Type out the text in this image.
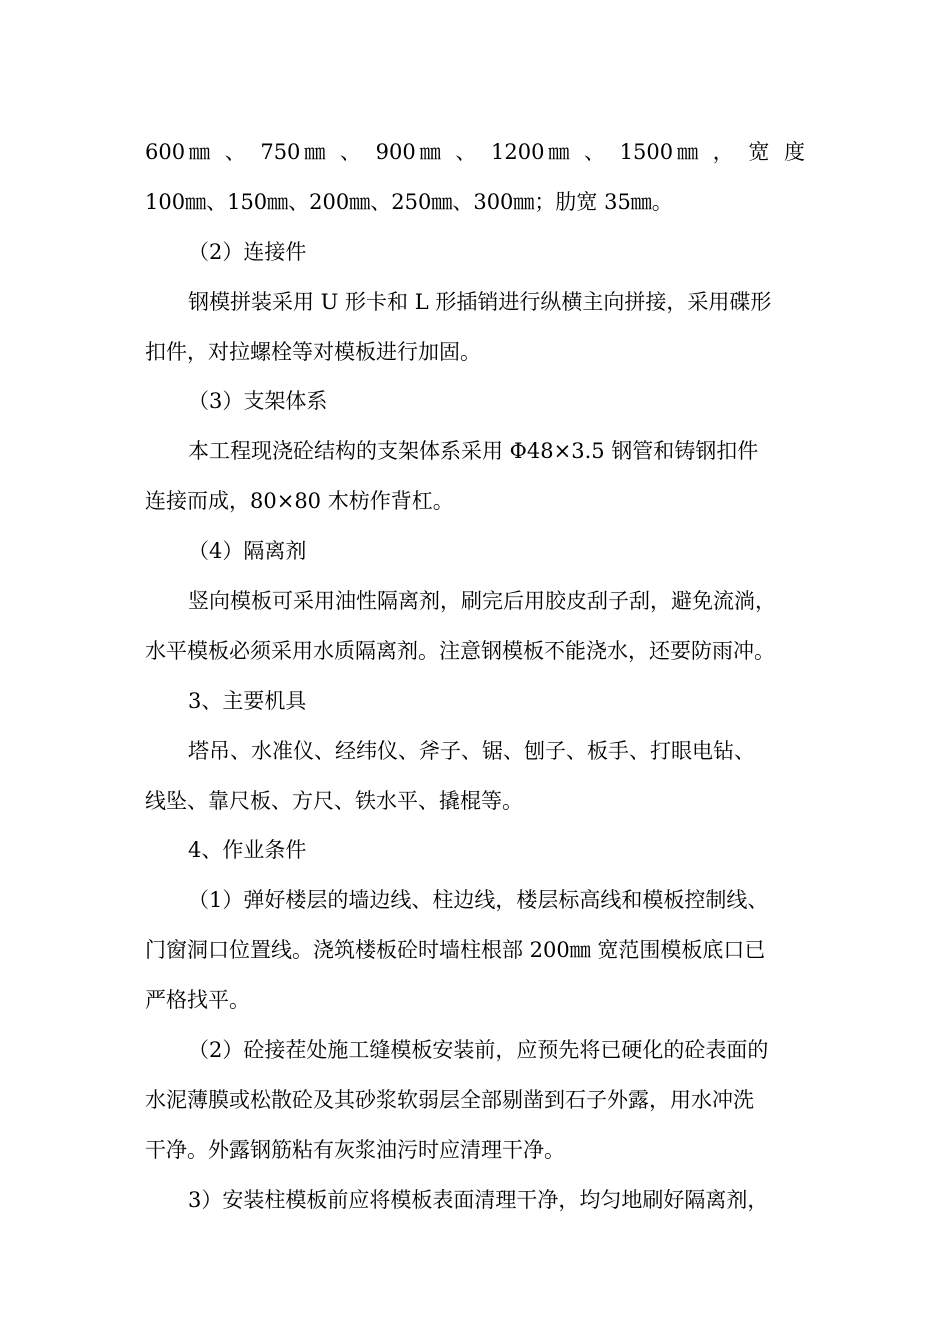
600㎜ 、 750㎜ 、 900㎜ 、 1200㎜ 、 1500㎜ ， 宽 度
100㎜、150㎜、200㎜、250㎜、300㎜；肋宽 35㎜。
（2）连接件
钢模拼装采用 U 形卡和 L 形插销进行纵横主向拼接，采用碟形
扣件，对拉螺栓等对模板进行加固。
（3）支架体系
本工程现浇砼结构的支架体系采用 Φ48×3.5 钢管和铸钢扣件
连接而成，80×80 木枋作背杠。
（4）隔离剂
竖向模板可采用油性隔离剂，刷完后用胶皮刮子刮，避免流淌，
水平模板必须采用水质隔离剂。注意钢模板不能浇水，还要防雨冲。
3、主要机具
塔吊、水准仪、经纬仪、斧子、锯、刨子、板手、打眼电钻、
线坠、靠尺板、方尺、铁水平、撬棍等。
4、作业条件
（1）弹好楼层的墙边线、柱边线，楼层标高线和模板控制线、
门窗洞口位置线。浇筑楼板砼时墙柱根部 200㎜ 宽范围模板底口已
严格找平。
（2）砼接茬处施工缝模板安装前，应预先将已硬化的砼表面的
水泥薄膜或松散砼及其砂浆软弱层全部剔凿到石子外露，用水冲洗
干净。外露钢筋粘有灰浆油污时应清理干净。
3）安装柱模板前应将模板表面清理干净，均匀地刷好隔离剂，
